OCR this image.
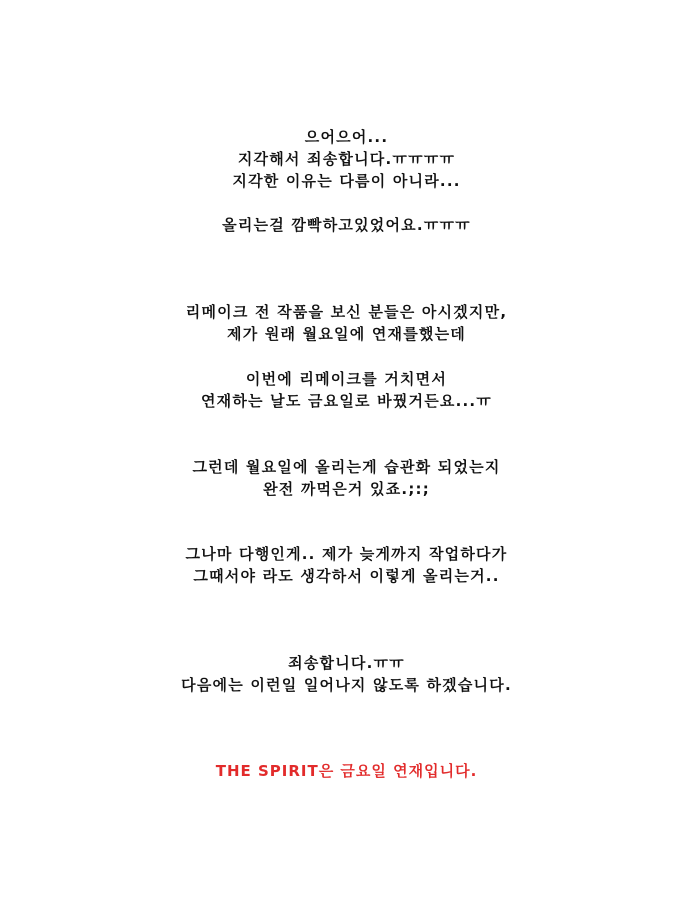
으어으어...
지각해서 죄송합니다.ㅠㅠㅠㅠ
지각한 이유는 다름이 아니라...
올리는걸 깜빡하고있었어요.ㅠㅠㅠ
리메이크 전 작품을 보신 분들은 아시겠지만,
제가 원래 월요일에 연재를했는데
이번에 리메이크를 거치면서
연재하는 날도 금요일로 바꿨거든요...ㅠ
그런데 월요일에 올리는게 습관화 되었는지
완전 까먹은거 있죠.;:;
그나마 다행인게.. 제가 늦게까지 작업하다가
그때서야 라도 생각하서 이렇게 올리는거..
죄송합니다.ㅠㅠ
다음에는 이런일 일어나지 않도록 하겠습니다.
THE SPIRIT은 금요일 연재입니다.
